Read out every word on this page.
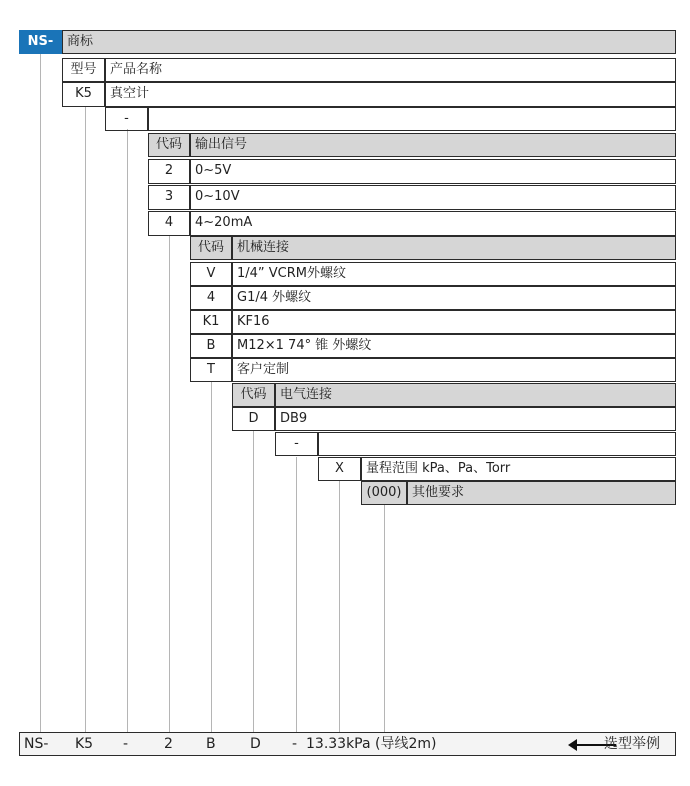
NS-	商标
型号	产品名称
K5	真空计
-
代码	输出信号
2	0~5V
3	0~10V
4	4~20mA
代码	机械连接
V	1/4” VCRM外螺纹
4	G1/4 外螺纹
K1	KF16
B	M12×1 74° 锥 外螺纹
T	客户定制
代码	电气连接
D	DB9
-
X	量程范围 kPa、Pa、Torr
(000) 其他要求
NS- K5 -	2 B D - 13.33kPa (导线2m)	选型举例
